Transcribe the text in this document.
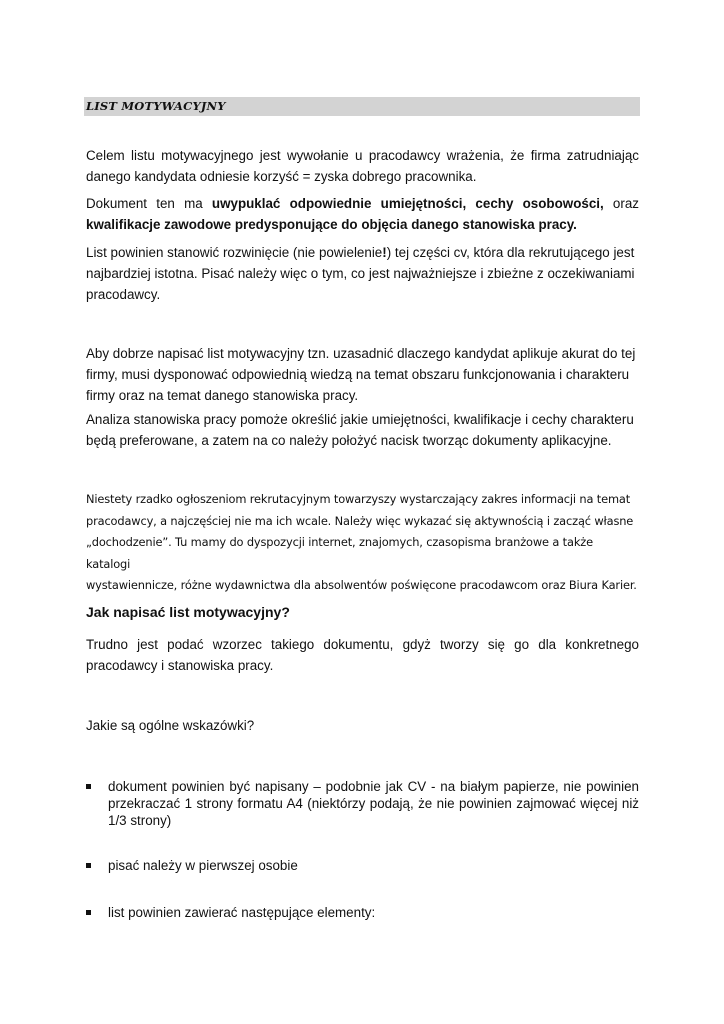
LIST MOTYWACYJNY
Celem listu motywacyjnego jest wywołanie u pracodawcy wrażenia, że firma zatrudniając
danego kandydata odniesie korzyść = zyska dobrego pracownika.
Dokument ten ma uwypuklać odpowiednie umiejętności, cechy osobowości, oraz
kwalifikacje zawodowe predysponujące do objęcia danego stanowiska pracy.
List powinien stanowić rozwinięcie (nie powielenie!) tej części cv, która dla rekrutującego jest
najbardziej istotna. Pisać należy więc o tym, co jest najważniejsze i zbieżne z oczekiwaniami
pracodawcy.
Aby dobrze napisać list motywacyjny tzn. uzasadnić dlaczego kandydat aplikuje akurat do tej
firmy, musi dysponować odpowiednią wiedzą na temat obszaru funkcjonowania i charakteru
firmy oraz na temat danego stanowiska pracy.
Analiza stanowiska pracy pomoże określić jakie umiejętności, kwalifikacje i cechy charakteru
będą preferowane, a zatem na co należy położyć nacisk tworząc dokumenty aplikacyjne.
Niestety rzadko ogłoszeniom rekrutacyjnym towarzyszy wystarczający zakres informacji na temat
pracodawcy, a najczęściej nie ma ich wcale. Należy więc wykazać się aktywnością i zacząć własne
„dochodzenie”. Tu mamy do dyspozycji internet, znajomych, czasopisma branżowe a także katalogi
wystawiennicze, różne wydawnictwa dla absolwentów poświęcone pracodawcom oraz Biura Karier.
Jak napisać list motywacyjny?
Trudno jest podać wzorzec takiego dokumentu, gdyż tworzy się go dla konkretnego
pracodawcy i stanowiska pracy.
Jakie są ogólne wskazówki?
dokument powinien być napisany – podobnie jak CV - na białym papierze, nie powinien
przekraczać 1 strony formatu A4 (niektórzy podają, że nie powinien zajmować więcej niż
1/3 strony)
pisać należy w pierwszej osobie
list powinien zawierać następujące elementy:
